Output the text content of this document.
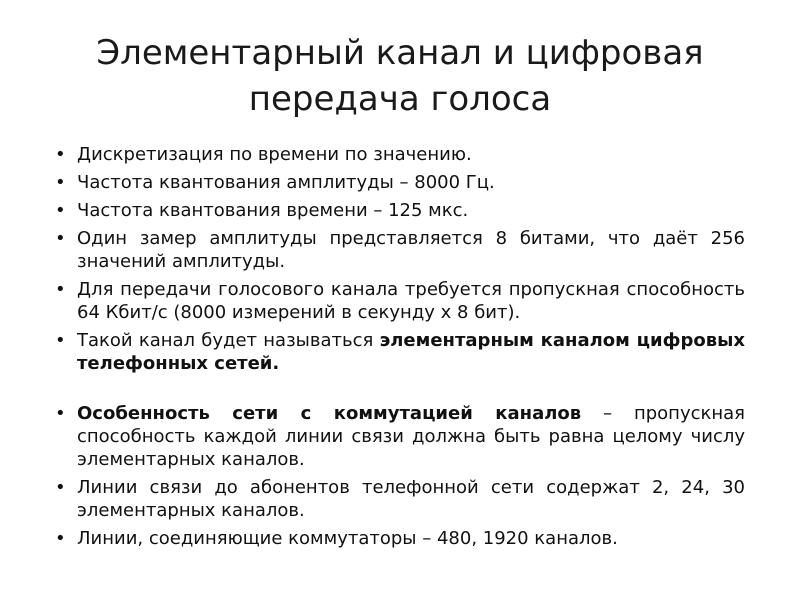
Элементарный канал и цифровая
передача голоса
• Дискретизация по времени по значению.
• Частота квантования амплитуды – 8000 Гц.
• Частота квантования времени – 125 мкс.
• Один замер амплитуды представляется 8 битами, что даёт 256 значений амплитуды.
• Для передачи голосового канала требуется пропускная способность 64 Кбит/с (8000 измерений в секунду х 8 бит).
• Такой канал будет называться элементарным каналом цифровых телефонных сетей.
• Особенность сети с коммутацией каналов – пропускная способность каждой линии связи должна быть равна целому числу элементарных каналов.
• Линии связи до абонентов телефонной сети содержат 2, 24, 30 элементарных каналов.
• Линии, соединяющие коммутаторы – 480, 1920 каналов.
